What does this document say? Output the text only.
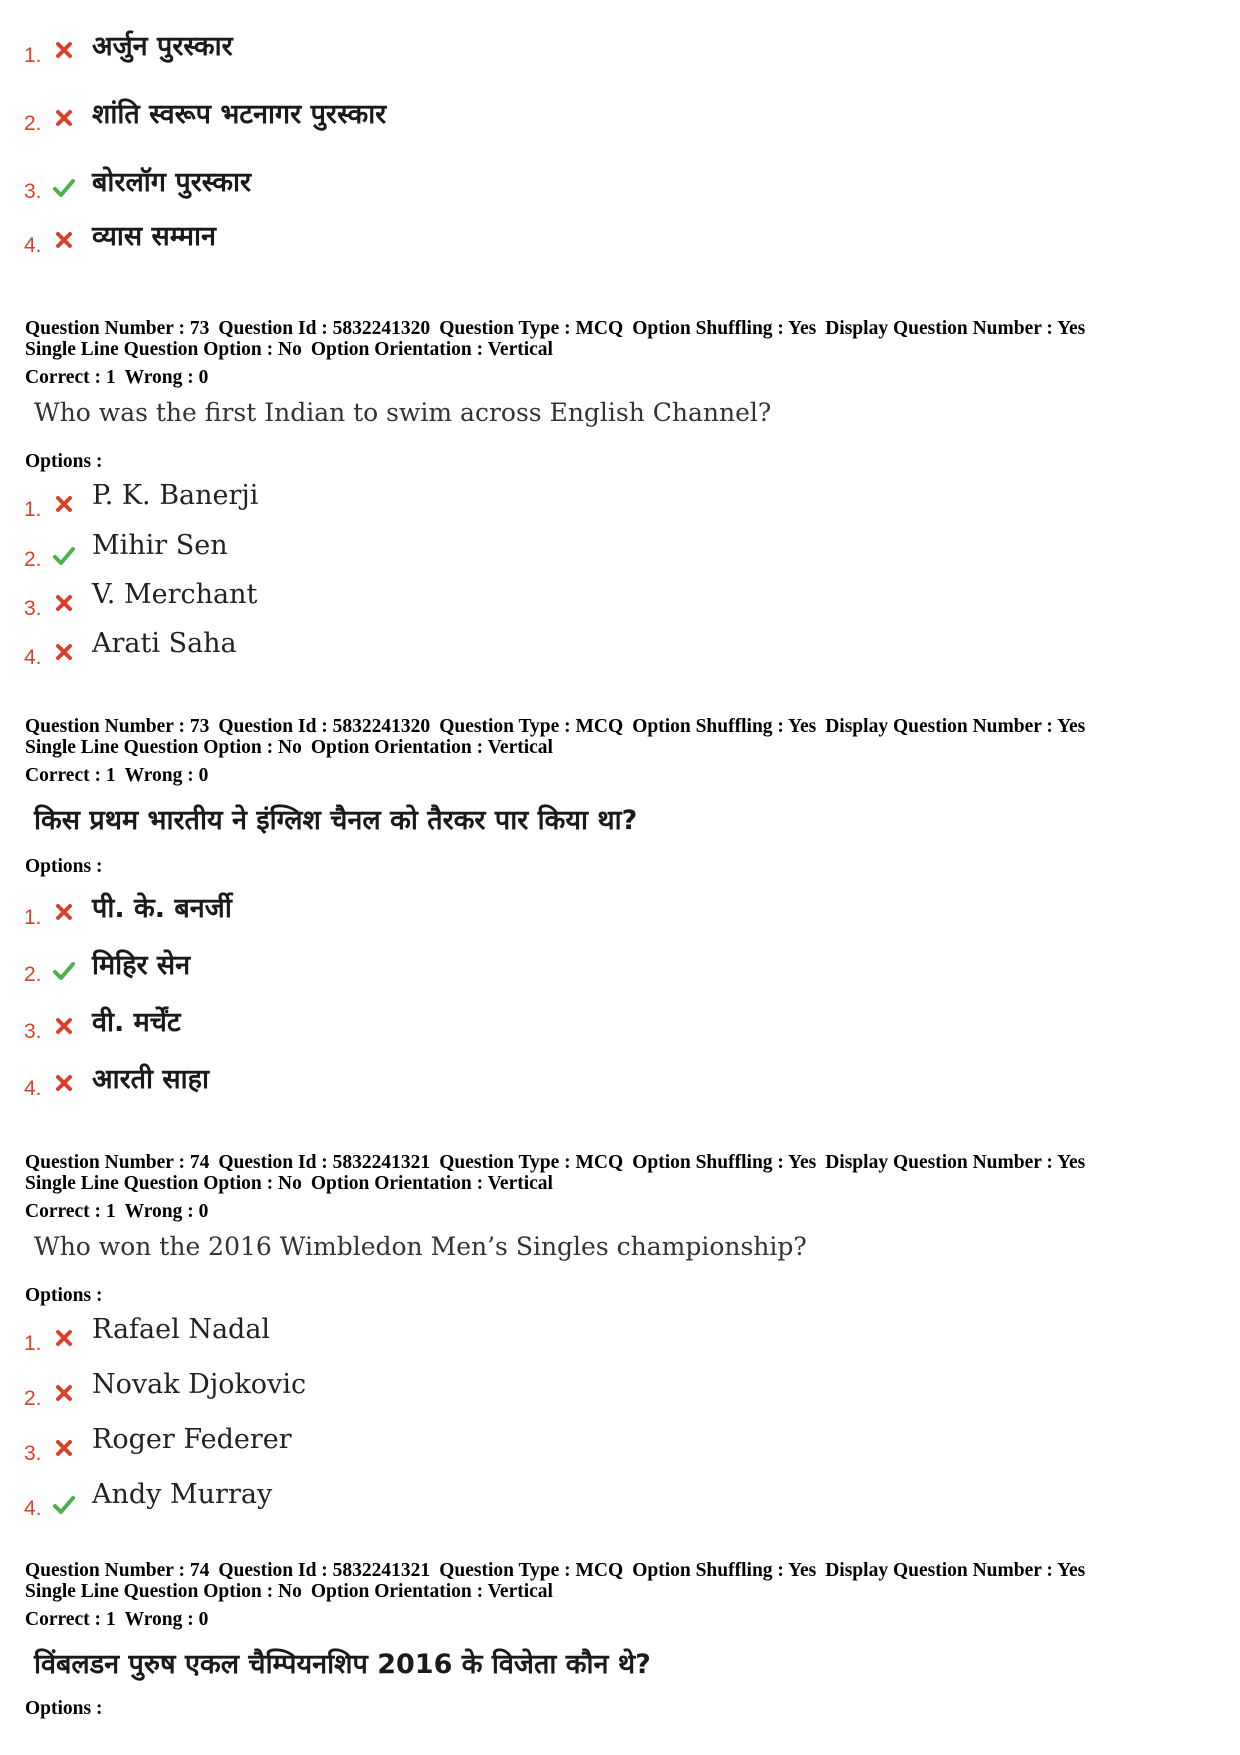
1. अर्जुन पुरस्कार
2. शांति स्वरूप भटनागर पुरस्कार
3. बोरलॉग पुरस्कार
4. व्यास सम्मान
Question Number : 73 Question Id : 5832241320 Question Type : MCQ Option Shuffling : Yes Display Question Number : Yes
Single Line Question Option : No Option Orientation : Vertical
Correct : 1 Wrong : 0
Who was the first Indian to swim across English Channel?
Options :
1. P. K. Banerji
2. Mihir Sen
3. V. Merchant
4. Arati Saha
Question Number : 73 Question Id : 5832241320 Question Type : MCQ Option Shuffling : Yes Display Question Number : Yes
Single Line Question Option : No Option Orientation : Vertical
Correct : 1 Wrong : 0
किस प्रथम भारतीय ने इंग्लिश चैनल को तैरकर पार किया था?
Options :
1. पी. के. बनर्जी
2. मिहिर सेन
3. वी. मर्चेंट
4. आरती साहा
Question Number : 74 Question Id : 5832241321 Question Type : MCQ Option Shuffling : Yes Display Question Number : Yes
Single Line Question Option : No Option Orientation : Vertical
Correct : 1 Wrong : 0
Who won the 2016 Wimbledon Men’s Singles championship?
Options :
1. Rafael Nadal
2. Novak Djokovic
3. Roger Federer
4. Andy Murray
Question Number : 74 Question Id : 5832241321 Question Type : MCQ Option Shuffling : Yes Display Question Number : Yes
Single Line Question Option : No Option Orientation : Vertical
Correct : 1 Wrong : 0
विंबलडन पुरुष एकल चैम्पियनशिप 2016 के विजेता कौन थे?
Options :
